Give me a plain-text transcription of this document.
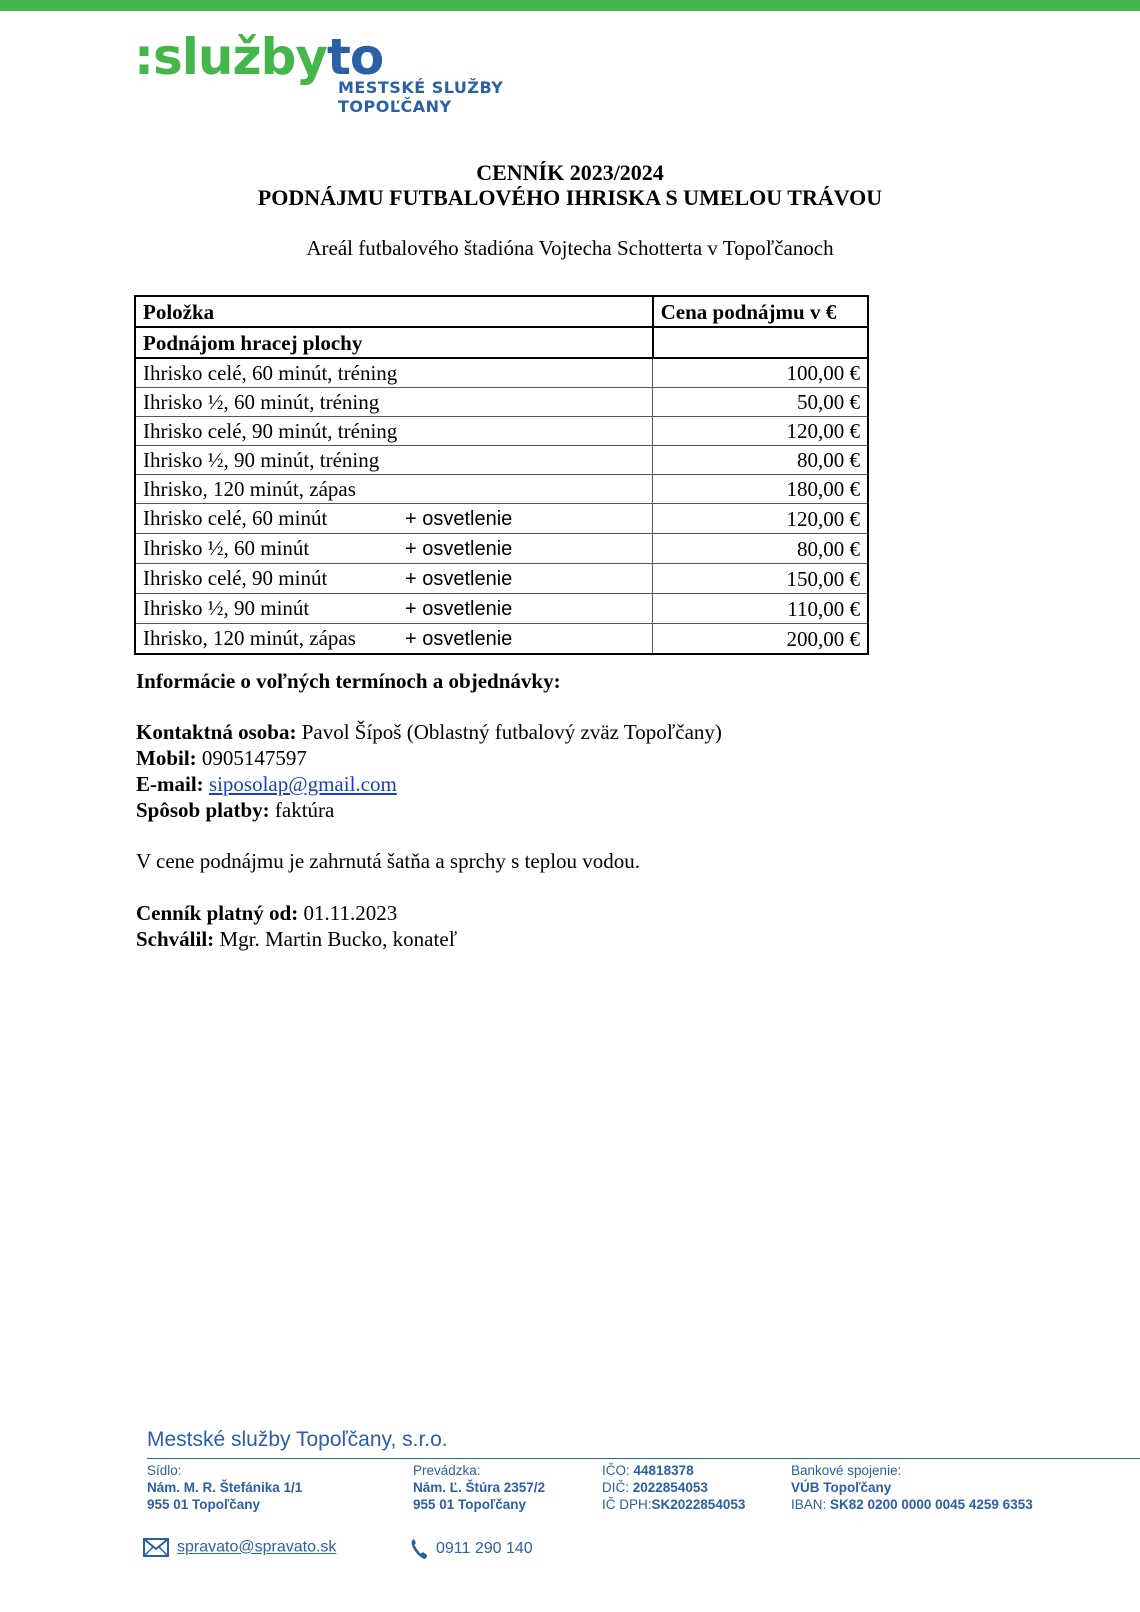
:službyto
MESTSKÉ SLUŽBY
TOPOĽČANY
CENNÍK 2023/2024
PODNÁJMU FUTBALOVÉHO IHRISKA S UMELOU TRÁVOU
Areál futbalového štadióna Vojtecha Schotterta v Topoľčanoch
Položka	Cena podnájmu v €
Podnájom hracej plochy	
Ihrisko celé, 60 minút, tréning	100,00 €
Ihrisko ½, 60 minút, tréning	50,00 €
Ihrisko celé, 90 minút, tréning	120,00 €
Ihrisko ½, 90 minút, tréning	80,00 €
Ihrisko, 120 minút, zápas	180,00 €
Ihrisko celé, 60 minút + osvetlenie	120,00 €
Ihrisko ½, 60 minút + osvetlenie	80,00 €
Ihrisko celé, 90 minút + osvetlenie	150,00 €
Ihrisko ½, 90 minút + osvetlenie	110,00 €
Ihrisko, 120 minút, zápas + osvetlenie	200,00 €
Informácie o voľných termínoch a objednávky:
Kontaktná osoba: Pavol Šípoš (Oblastný futbalový zväz Topoľčany)
Mobil: 0905147597
E-mail: siposolap@gmail.com
Spôsob platby: faktúra
V cene podnájmu je zahrnutá šatňa a sprchy s teplou vodou.
Cenník platný od: 01.11.2023
Schválil: Mgr. Martin Bucko, konateľ
Mestské služby Topoľčany, s.r.o.
Sídlo:
Nám. M. R. Štefánika 1/1
955 01 Topoľčany
Prevádzka:
Nám. Ľ. Štúra 2357/2
955 01 Topoľčany
IČO: 44818378
DIČ: 2022854053
IČ DPH:SK2022854053
Bankové spojenie:
VÚB Topoľčany
IBAN: SK82 0200 0000 0045 4259 6353
spravato@spravato.sk	0911 290 140
